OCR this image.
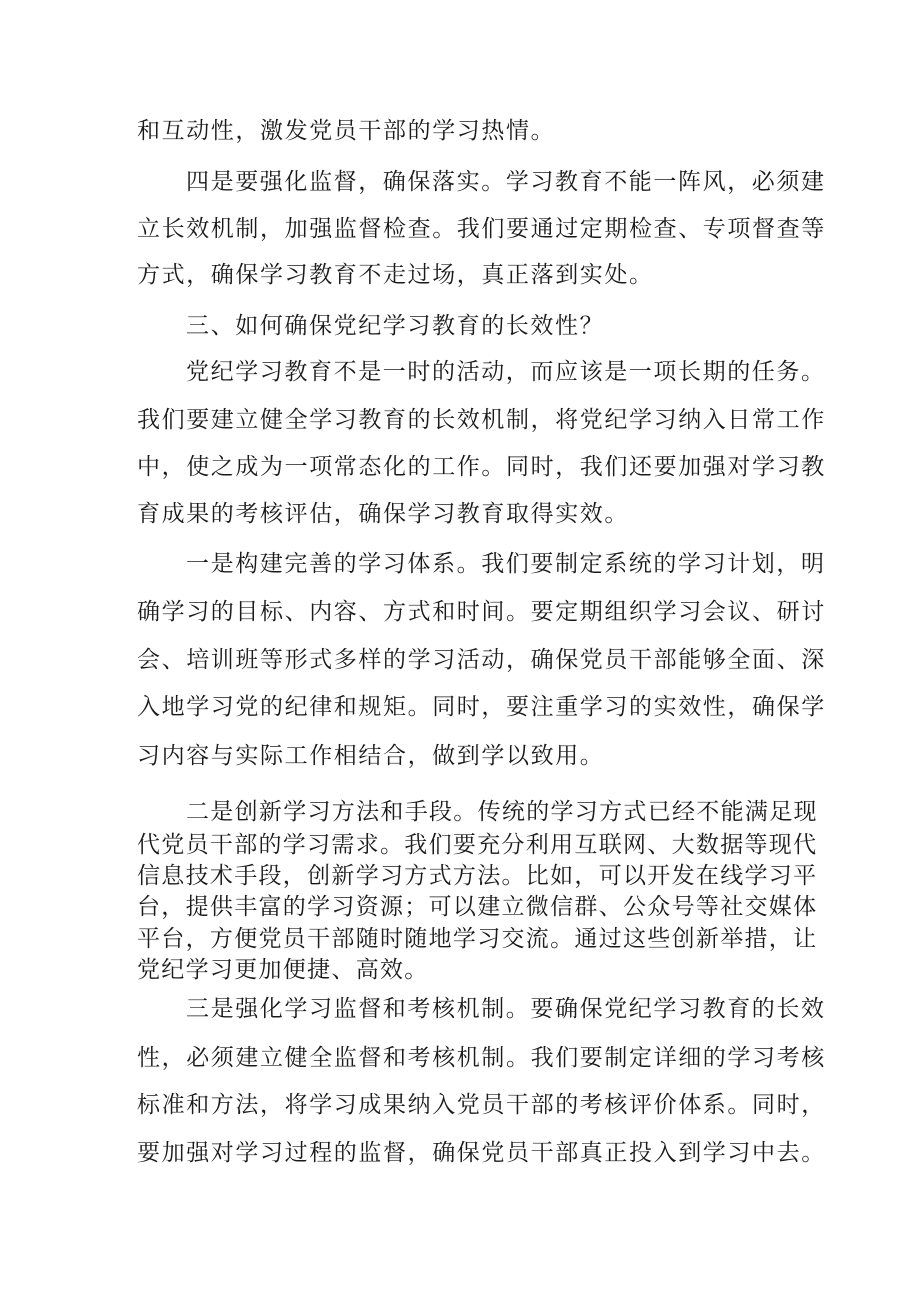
和互动性，激发党员干部的学习热情。
四是要强化监督，确保落实。学习教育不能一阵风，必须建
立长效机制，加强监督检查。我们要通过定期检查、专项督查等
方式，确保学习教育不走过场，真正落到实处。
三、如何确保党纪学习教育的长效性？
党纪学习教育不是一时的活动，而应该是一项长期的任务。
我们要建立健全学习教育的长效机制，将党纪学习纳入日常工作
中，使之成为一项常态化的工作。同时，我们还要加强对学习教
育成果的考核评估，确保学习教育取得实效。
一是构建完善的学习体系。我们要制定系统的学习计划，明
确学习的目标、内容、方式和时间。要定期组织学习会议、研讨
会、培训班等形式多样的学习活动，确保党员干部能够全面、深
入地学习党的纪律和规矩。同时，要注重学习的实效性，确保学
习内容与实际工作相结合，做到学以致用。
二是创新学习方法和手段。传统的学习方式已经不能满足现
代党员干部的学习需求。我们要充分利用互联网、大数据等现代
信息技术手段，创新学习方式方法。比如，可以开发在线学习平
台，提供丰富的学习资源；可以建立微信群、公众号等社交媒体
平台，方便党员干部随时随地学习交流。通过这些创新举措，让
党纪学习更加便捷、高效。
三是强化学习监督和考核机制。要确保党纪学习教育的长效
性，必须建立健全监督和考核机制。我们要制定详细的学习考核
标准和方法，将学习成果纳入党员干部的考核评价体系。同时，
要加强对学习过程的监督，确保党员干部真正投入到学习中去。
